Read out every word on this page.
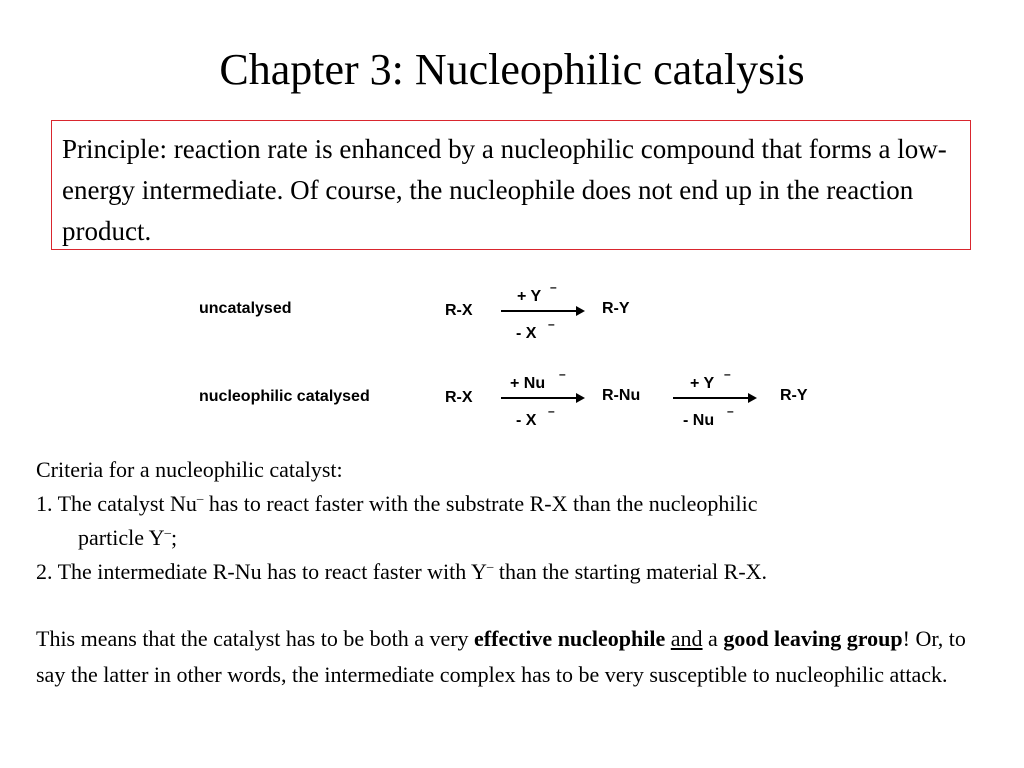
Chapter 3: Nucleophilic catalysis
Principle: reaction rate is enhanced by a nucleophilic compound that forms a low-energy intermediate. Of course, the nucleophile does not end up in the reaction product.
uncatalysed	R-X
+ Y
–
- X
–
R-Y
nucleophilic catalysed	R-X
+ Nu
–
- X
–
R-Nu
+ Y
–
- Nu
–
R-Y

Criteria for a nucleophilic catalyst:

1. The catalyst Nu– has to react faster with the substrate R-X than the nucleophilic

particle Y–;

2. The intermediate R-Nu has to react faster with Y– than the starting material R-X.

This means that the catalyst has to be both a very effective nucleophile and a good leaving group! Or, to say the latter in other words, the intermediate complex has to be very susceptible to nucleophilic attack.
